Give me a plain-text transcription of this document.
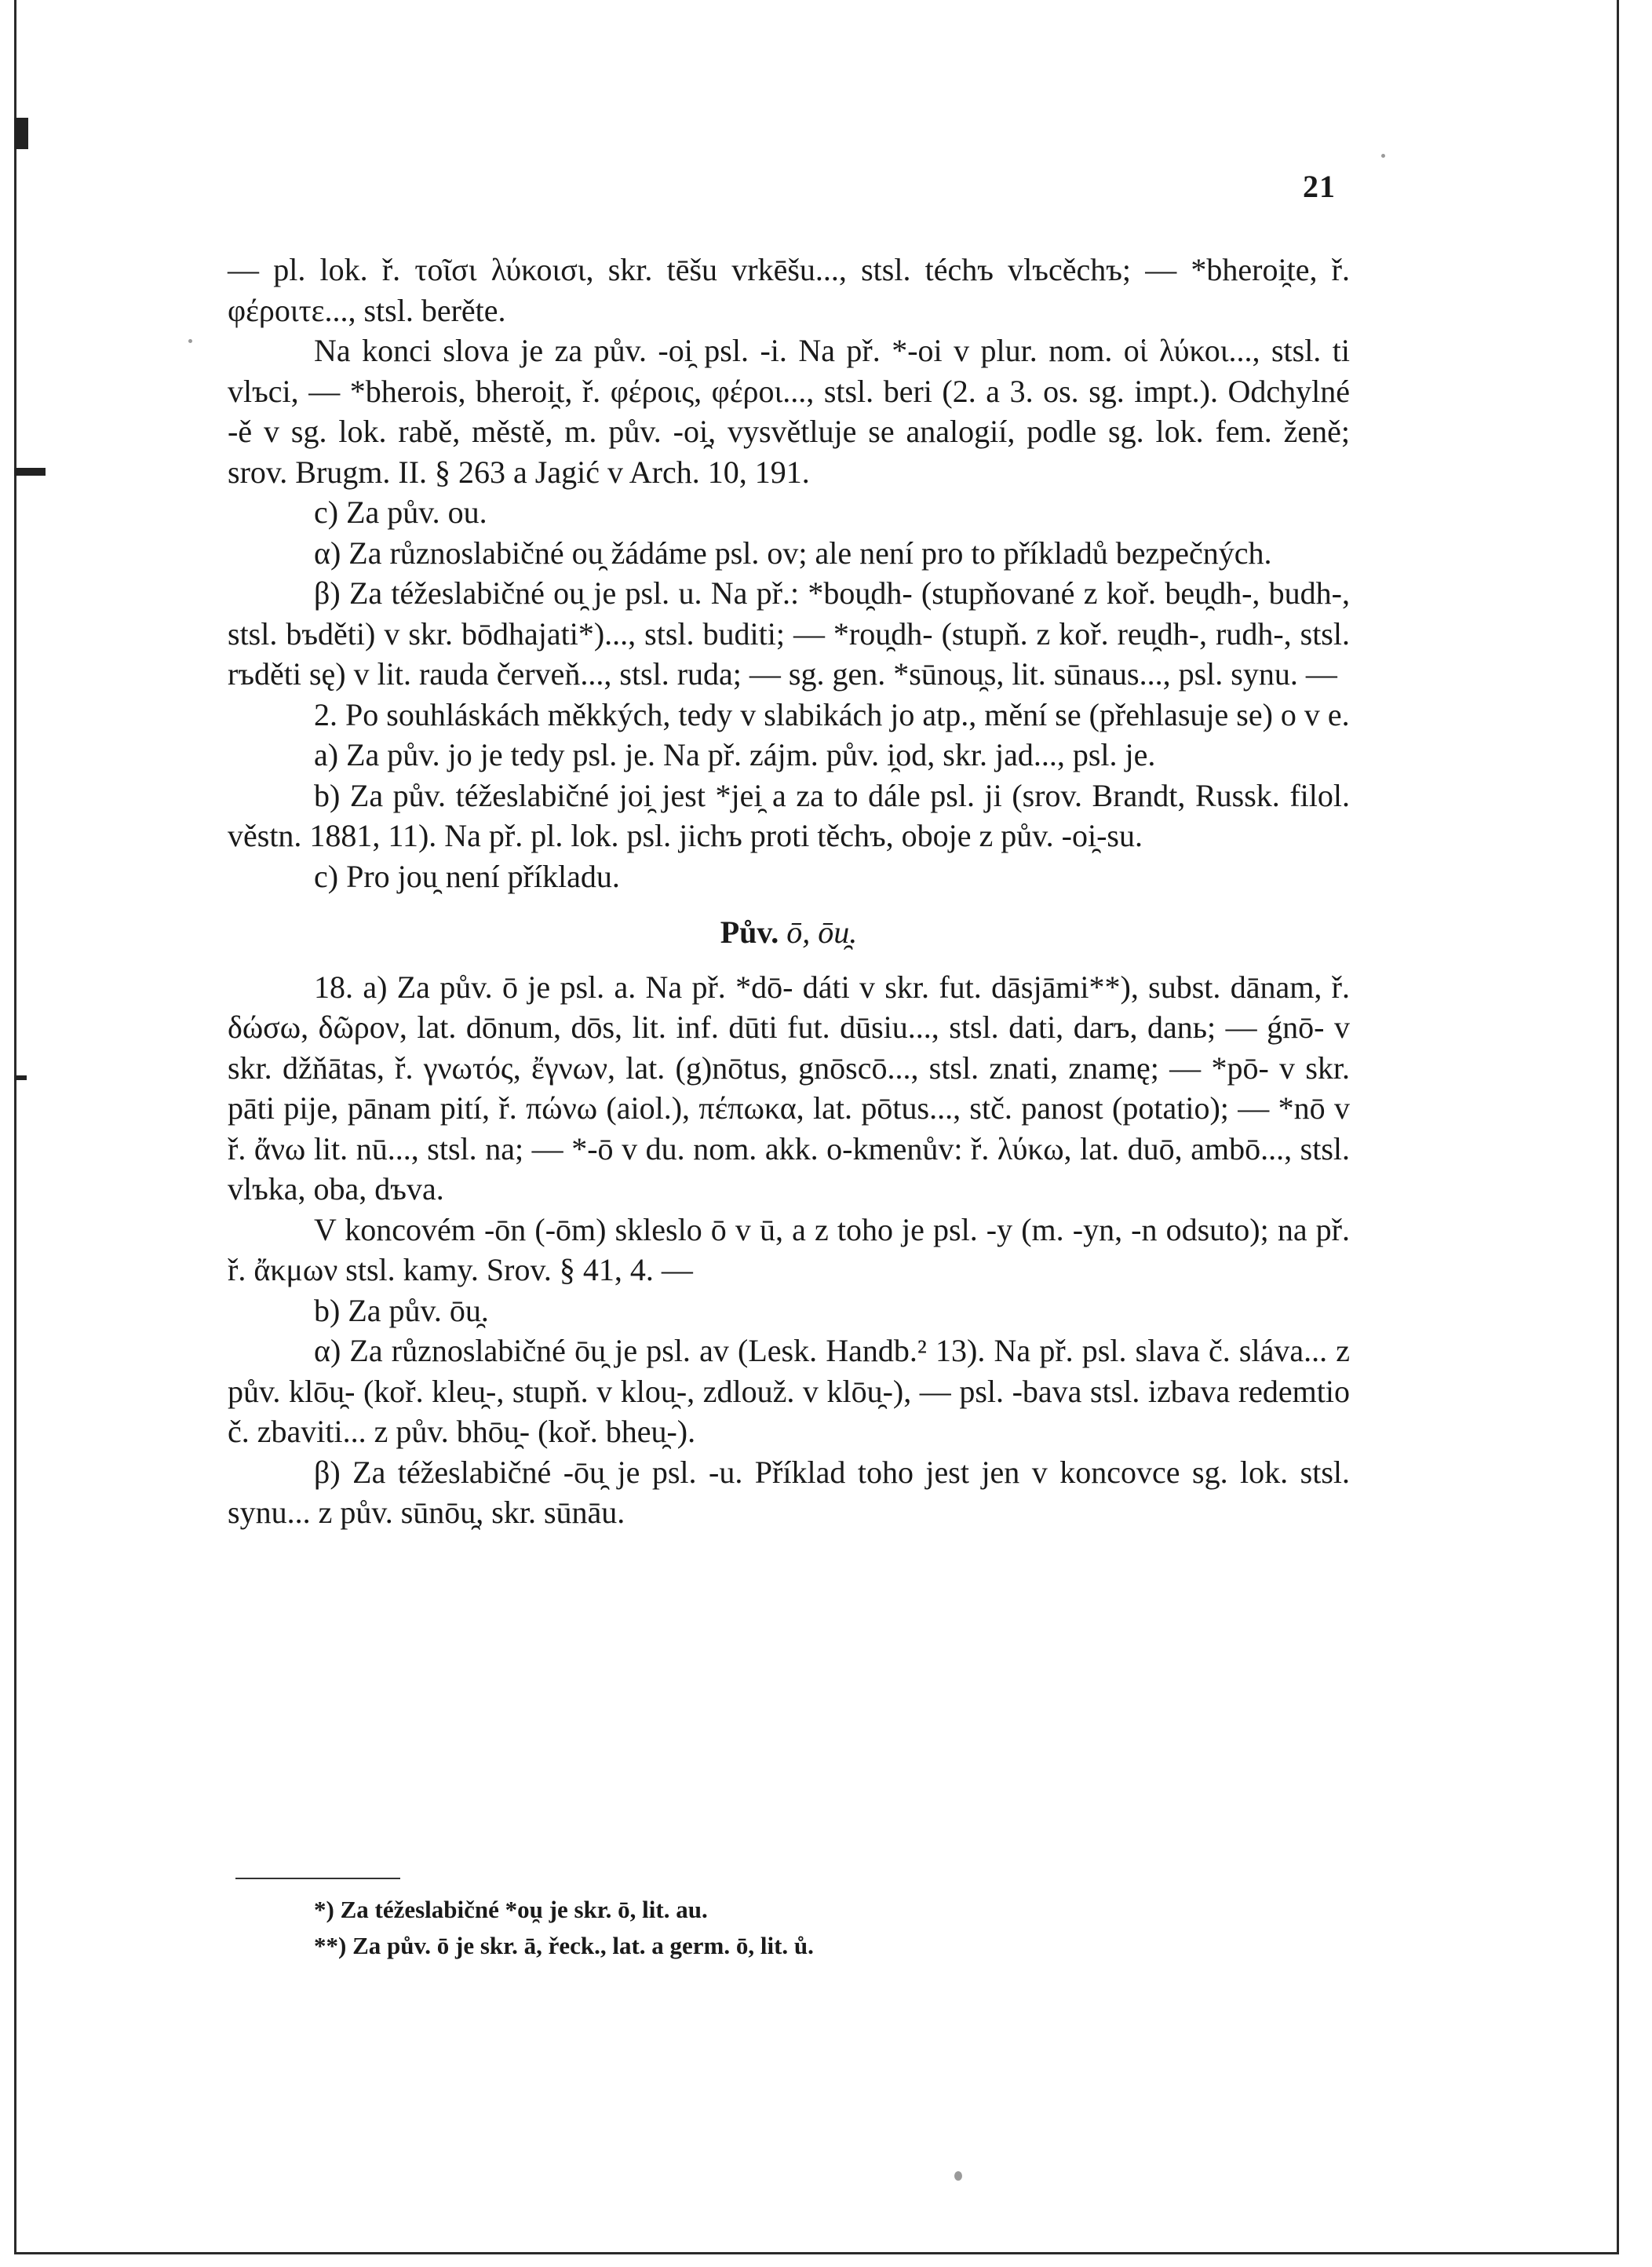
21

— pl. lok. ř. τοῖσι λύκοισι, skr. tēšu vrkēšu..., stsl. téchъ vlъcěchъ; — *bheroi̯te, ř. φέροιτε..., stsl. berěte.

Na konci slova je za pův. -oi̯ psl. -i. Na př. *-oi v plur. nom. οἱ λύκοι..., stsl. ti vlъci, — *bherois, bheroi̯t, ř. φέροις, φέροι..., stsl. beri (2. a 3. os. sg. impt.). Odchylné -ě v sg. lok. rabě, městě, m. pův. -oi̯, vysvětluje se analogií, podle sg. lok. fem. ženě; srov. Brugm. II. § 263 a Jagić v Arch. 10, 191.

c) Za pův. ou.

α) Za různoslabičné ou̯ žádáme psl. ov; ale není pro to příkladů bezpečných.

β) Za téžeslabičné ou̯ je psl. u. Na př.: *bou̯dh- (stupňované z koř. beu̯dh-, budh-, stsl. bъděti) v skr. bōdhajati*)..., stsl. buditi; — *rou̯dh- (stupň. z koř. reu̯dh-, rudh-, stsl. rъděti sę) v lit. rauda červeň..., stsl. ruda; — sg. gen. *sūnou̯s, lit. sūnaus..., psl. synu. —

2. Po souhláskách měkkých, tedy v slabikách jo atp., mění se (přehlasuje se) o v e.

a) Za pův. jo je tedy psl. je. Na př. zájm. pův. i̯od, skr. jad..., psl. je.

b) Za pův. téžeslabičné joi̯ jest *jei̯ a za to dále psl. ji (srov. Brandt, Russk. filol. věstn. 1881, 11). Na př. pl. lok. psl. jichъ proti těchъ, oboje z pův. -oi̯-su.

c) Pro jou̯ není příkladu.

Pův. ō, ōu̯.

18. a) Za pův. ō je psl. a. Na př. *dō- dáti v skr. fut. dāsjāmi**), subst. dānam, ř. δώσω, δῶρον, lat. dōnum, dōs, lit. inf. dūti fut. dūsiu..., stsl. dati, darъ, danь; — ǵnō- v skr. džňātas, ř. γνωτός, ἔγνων, lat. (g)nōtus, gnōscō..., stsl. znati, znamę; — *pō- v skr. pāti pije, pānam pití, ř. πώνω (aiol.), πέπωκα, lat. pōtus..., stč. panost (potatio); — *nō v ř. ἄνω lit. nū..., stsl. na; — *-ō v du. nom. akk. o-kmenův: ř. λύκω, lat. duō, ambō..., stsl. vlъka, oba, dъva.

V koncovém -ōn (-ōm) skleslo ō v ū, a z toho je psl. -y (m. -yn, -n odsuto); na př. ř. ἄκμων stsl. kamy. Srov. § 41, 4. —

b) Za pův. ōu̯.

α) Za různoslabičné ōu̯ je psl. av (Lesk. Handb.² 13). Na př. psl. slava č. sláva... z pův. klōu̯- (koř. kleu̯-, stupň. v klou̯-, zdlouž. v klōu̯-), — psl. -bava stsl. izbava redemtio č. zbaviti... z pův. bhōu̯- (koř. bheu̯-).

β) Za téžeslabičné -ōu̯ je psl. -u. Příklad toho jest jen v koncovce sg. lok. stsl. synu... z pův. sūnōu̯, skr. sūnāu.

*) Za téžeslabičné *ou̯ je skr. ō, lit. au.

**) Za pův. ō je skr. ā, řeck., lat. a germ. ō, lit. ů.
